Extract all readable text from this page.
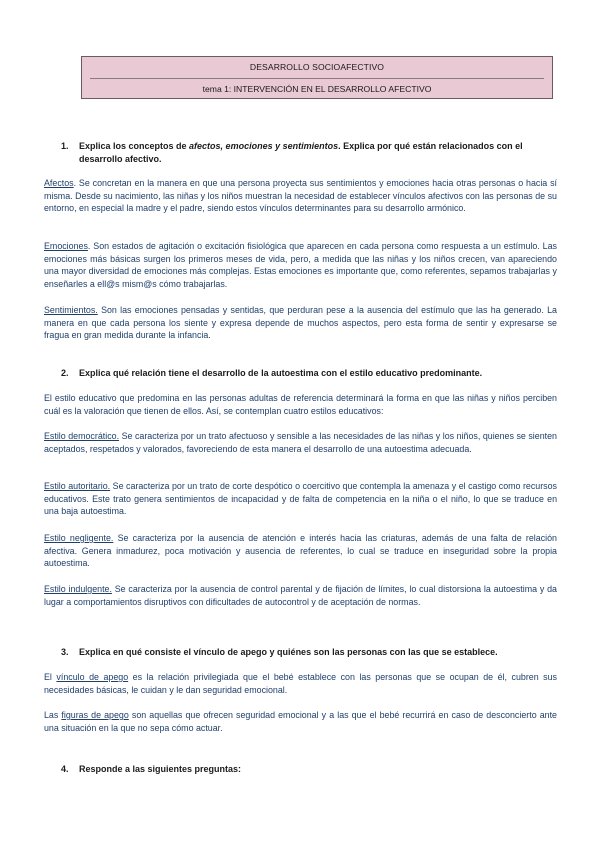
DESARROLLO SOCIOAFECTIVO
tema 1: INTERVENCIÓN EN EL DESARROLLO AFECTIVO
1. Explica los conceptos de afectos, emociones y sentimientos. Explica por qué están relacionados con el desarrollo afectivo.
Afectos. Se concretan en la manera en que una persona proyecta sus sentimientos y emociones hacia otras personas o hacia sí misma. Desde su nacimiento, las niñas y los niños muestran la necesidad de establecer vínculos afectivos con las personas de su entorno, en especial la madre y el padre, siendo estos vínculos determinantes para su desarrollo armónico.
Emociones. Son estados de agitación o excitación fisiológica que aparecen en cada persona como respuesta a un estímulo. Las emociones más básicas surgen los primeros meses de vida, pero, a medida que las niñas y los niños crecen, van apareciendo una mayor diversidad de emociones más complejas. Estas emociones es importante que, como referentes, sepamos trabajarlas y enseñarles a ell@s mism@s cómo trabajarlas.
Sentimientos. Son las emociones pensadas y sentidas, que perduran pese a la ausencia del estímulo que las ha generado. La manera en que cada persona los siente y expresa depende de muchos aspectos, pero esta forma de sentir y expresarse se fragua en gran medida durante la infancia.
2. Explica qué relación tiene el desarrollo de la autoestima con el estilo educativo predominante.
El estilo educativo que predomina en las personas adultas de referencia determinará la forma en que las niñas y niños perciben cuál es la valoración que tienen de ellos. Así, se contemplan cuatro estilos educativos:
Estilo democrático. Se caracteriza por un trato afectuoso y sensible a las necesidades de las niñas y los niños, quienes se sienten aceptados, respetados y valorados, favoreciendo de esta manera el desarrollo de una autoestima adecuada.
Estilo autoritario. Se caracteriza por un trato de corte despótico o coercitivo que contempla la amenaza y el castigo como recursos educativos. Este trato genera sentimientos de incapacidad y de falta de competencia en la niña o el niño, lo que se traduce en una baja autoestima.
Estilo negligente. Se caracteriza por la ausencia de atención e interés hacia las criaturas, además de una falta de relación afectiva. Genera inmadurez, poca motivación y ausencia de referentes, lo cual se traduce en inseguridad sobre la propia autoestima.
Estilo indulgente. Se caracteriza por la ausencia de control parental y de fijación de límites, lo cual distorsiona la autoestima y da lugar a comportamientos disruptivos con dificultades de autocontrol y de aceptación de normas.
3. Explica en qué consiste el vínculo de apego y quiénes son las personas con las que se establece.
El vínculo de apego es la relación privilegiada que el bebé establece con las personas que se ocupan de él, cubren sus necesidades básicas, le cuidan y le dan seguridad emocional.
Las figuras de apego son aquellas que ofrecen seguridad emocional y a las que el bebé recurrirá en caso de desconcierto ante una situación en la que no sepa cómo actuar.
4. Responde a las siguientes preguntas:
